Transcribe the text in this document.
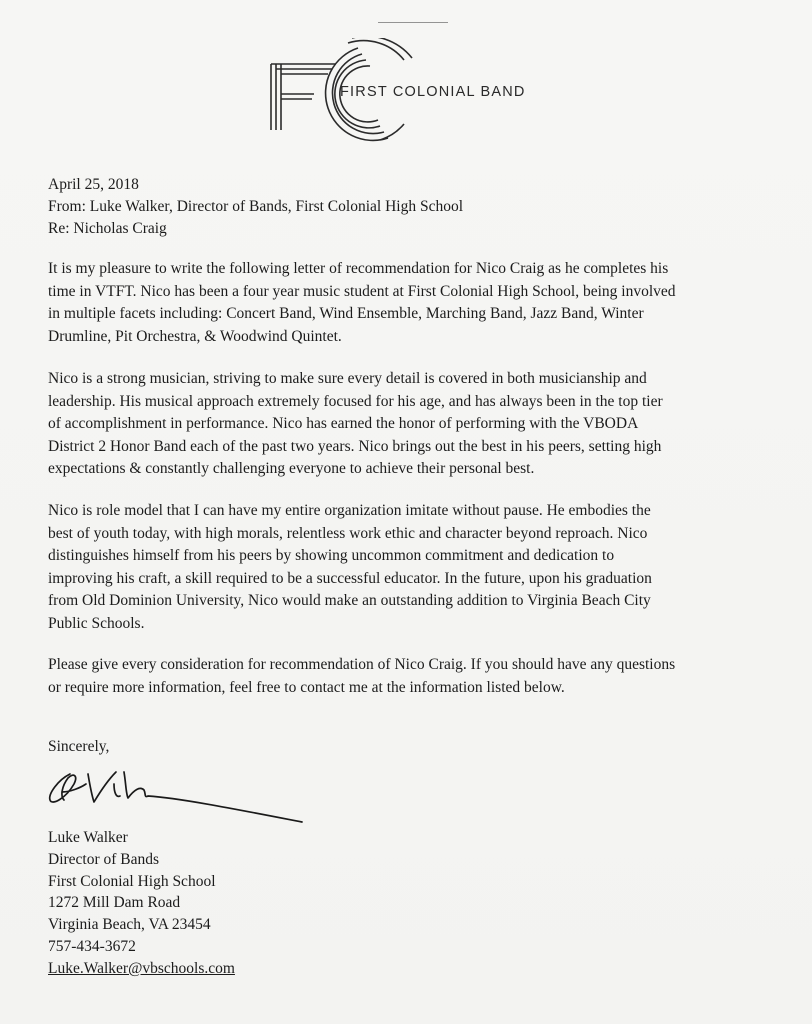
FIRST COLONIAL BAND
April 25, 2018
From: Luke Walker, Director of Bands, First Colonial High School
Re: Nicholas Craig
It is my pleasure to write the following letter of recommendation for Nico Craig as he completes his
time in VTFT. Nico has been a four year music student at First Colonial High School, being involved
in multiple facets including: Concert Band, Wind Ensemble, Marching Band, Jazz Band, Winter
Drumline, Pit Orchestra, & Woodwind Quintet.
Nico is a strong musician, striving to make sure every detail is covered in both musicianship and
leadership. His musical approach extremely focused for his age, and has always been in the top tier
of accomplishment in performance. Nico has earned the honor of performing with the VBODA
District 2 Honor Band each of the past two years. Nico brings out the best in his peers, setting high
expectations & constantly challenging everyone to achieve their personal best.
Nico is role model that I can have my entire organization imitate without pause. He embodies the
best of youth today, with high morals, relentless work ethic and character beyond reproach. Nico
distinguishes himself from his peers by showing uncommon commitment and dedication to
improving his craft, a skill required to be a successful educator. In the future, upon his graduation
from Old Dominion University, Nico would make an outstanding addition to Virginia Beach City
Public Schools.
Please give every consideration for recommendation of Nico Craig. If you should have any questions
or require more information, feel free to contact me at the information listed below.
Sincerely,
Luke Walker
Director of Bands
First Colonial High School
1272 Mill Dam Road
Virginia Beach, VA 23454
757-434-3672
Luke.Walker@vbschools.com
